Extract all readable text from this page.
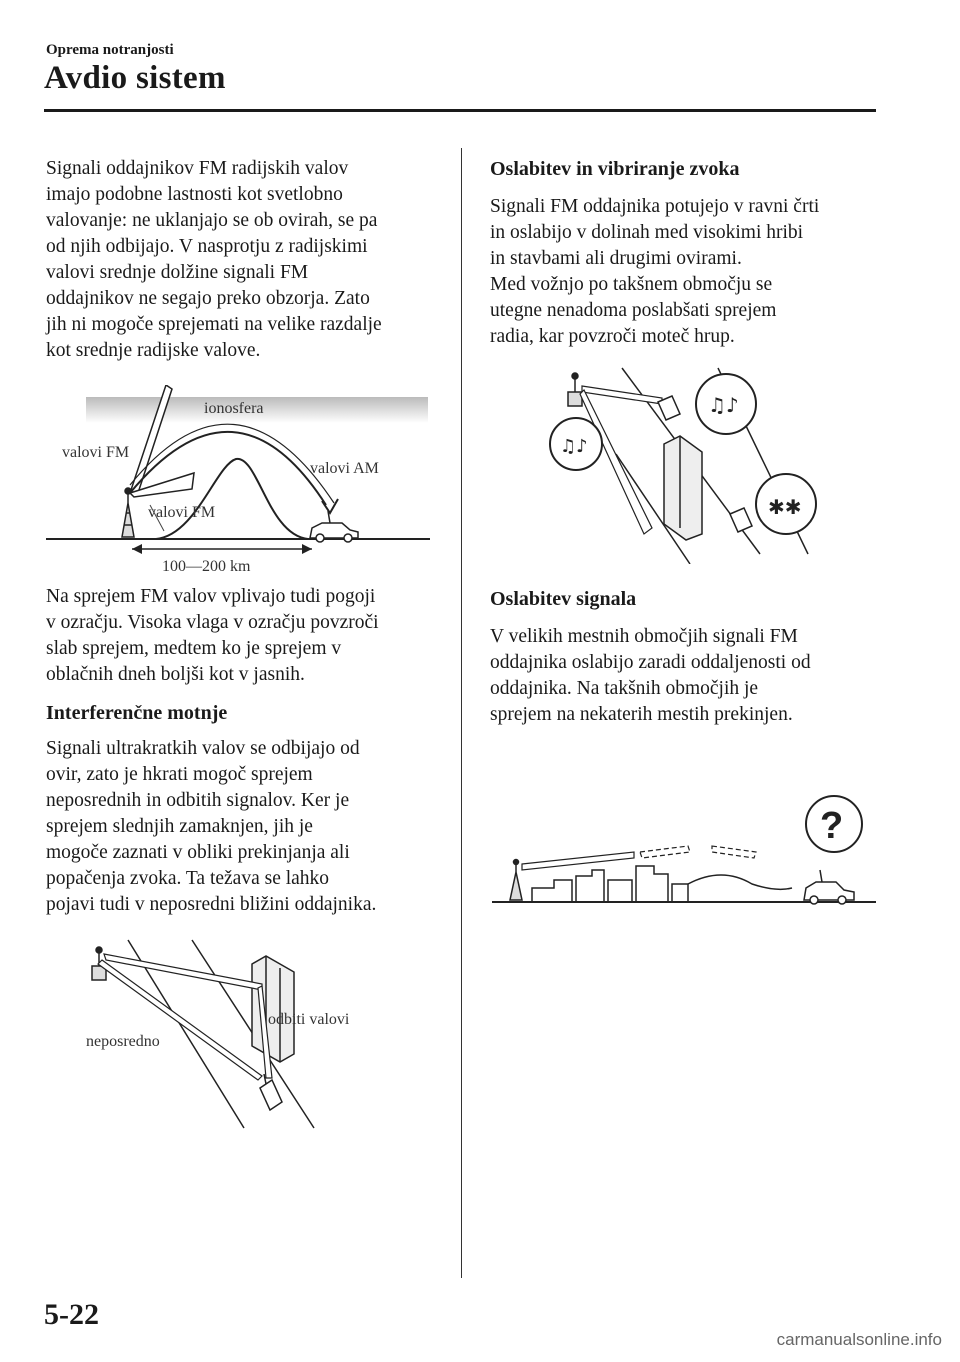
Oprema notranjosti
Avdio sistem

Signali oddajnikov FM radijskih valov
imajo podobne lastnosti kot svetlobno
valovanje: ne uklanjajo se ob ovirah, se pa
od njih odbijajo. V nasprotju z radijskimi
valovi srednje dolžine signali FM
oddajnikov ne segajo preko obzorja. Zato
jih ni mogoče sprejemati na velike razdalje
kot srednje radijske valove.

Na sprejem FM valov vplivajo tudi pogoji
v ozračju. Visoka vlaga v ozračju povzroči
slab sprejem, medtem ko je sprejem v
oblačnih dneh boljši kot v jasnih.

Interferenčne motnje

Signali ultrakratkih valov se odbijajo od
ovir, zato je hkrati mogoč sprejem
neposrednih in odbitih signalov. Ker je
sprejem slednjih zamaknjen, jih je
mogoče zaznati v obliki prekinjanja ali
popačenja zvoka. Ta težava se lahko
pojavi tudi v neposredni bližini oddajnika.

ionosfera
valovi FM
valovi AM
valovi FM
100—200 km
odbiti valovi
neposredno
Oslabitev in vibriranje zvoka

Signali FM oddajnika potujejo v ravni črti
in oslabijo v dolinah med visokimi hribi
in stavbami ali drugimi ovirami.
Med vožnjo po takšnem območju se
utegne nenadoma poslabšati sprejem
radia, kar povzroči moteč hrup.

Oslabitev signala

V velikih mestnih območjih signali FM
oddajnika oslabijo zaradi oddaljenosti od
oddajnika. Na takšnih območjih je
sprejem na nekaterih mestih prekinjen.

♫♪
♫♪
✱✱
?
5-22
carmanualsonline.info
